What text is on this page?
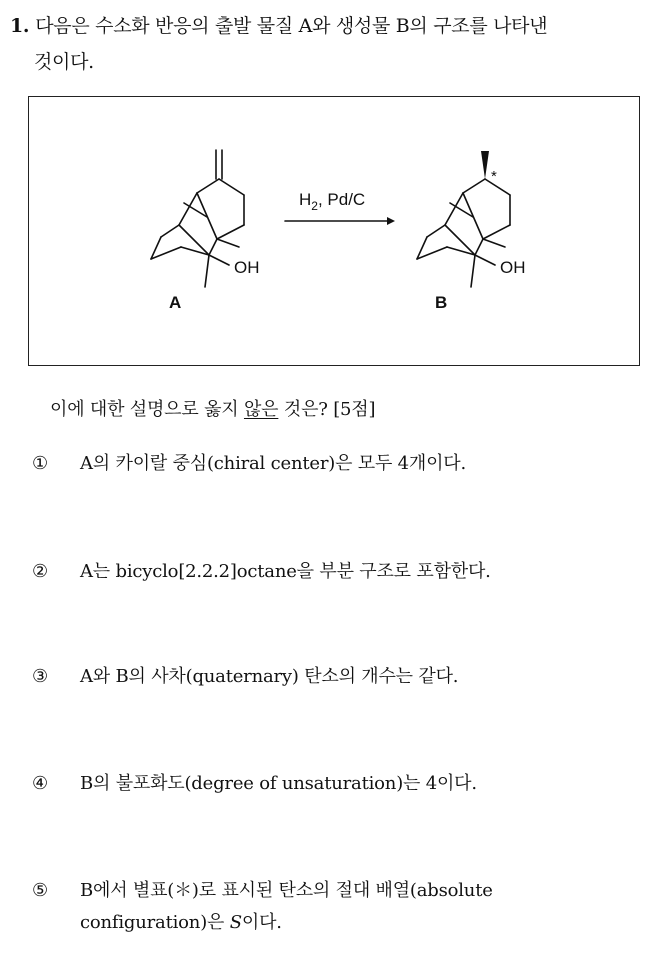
1. 다음은 수소화 반응의 출발 물질 A와 생성물 B의 구조를 나타낸
것이다.
OH
A
$H_2$, Pd/C
*
OH
B
이에 대한 설명으로 옳지 않은 것은? [5점]
① A의 카이랄 중심(chiral center)은 모두 4개이다.
② A는 bicyclo[2.2.2]octane을 부분 구조로 포함한다.
③ A와 B의 사차(quaternary) 탄소의 개수는 같다.
④ B의 불포화도(degree of unsaturation)는 4이다.
⑤ B에서 별표(＊)로 표시된 탄소의 절대 배열(absolute
configuration)은 S이다.
